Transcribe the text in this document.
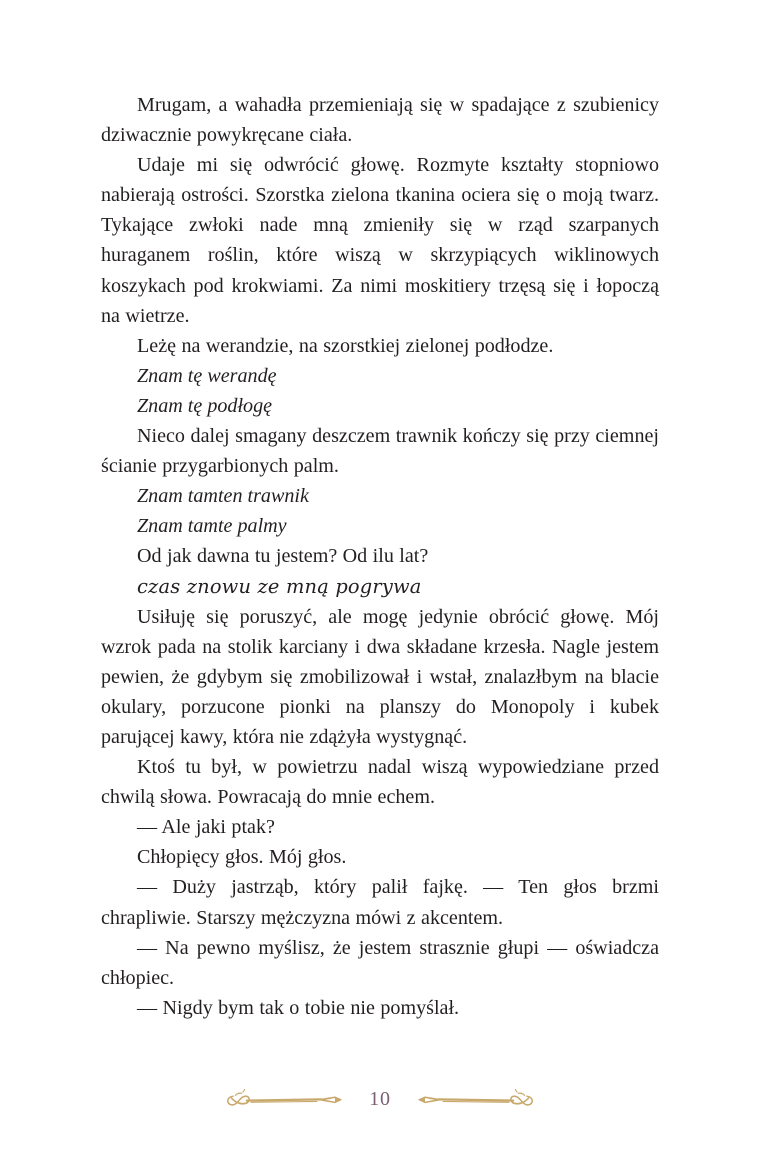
Mrugam, a wahadła przemieniają się w spadające z szubienicy dziwacznie powykręcane ciała.

Udaje mi się odwrócić głowę. Rozmyte kształty stopniowo nabierają ostrości. Szorstka zielona tkanina ociera się o moją twarz. Tykające zwłoki nade mną zmieniły się w rząd szarpanych huraganem roślin, które wiszą w skrzypiących wiklinowych koszykach pod krokwiami. Za nimi moskitiery trzęsą się i łopoczą na wietrze.

Leżę na werandzie, na szorstkiej zielonej podłodze.

Znam tę werandę

Znam tę podłogę

Nieco dalej smagany deszczem trawnik kończy się przy ciemnej ścianie przygarbionych palm.

Znam tamten trawnik

Znam tamte palmy

Od jak dawna tu jestem? Od ilu lat?

czas znowu ze mną pogrywa

Usiłuję się poruszyć, ale mogę jedynie obrócić głowę. Mój wzrok pada na stolik karciany i dwa składane krzesła. Nagle jestem pewien, że gdybym się zmobilizował i wstał, znalazłbym na blacie okulary, porzucone pionki na planszy do Monopoly i kubek parującej kawy, która nie zdążyła wystygnąć.

Ktoś tu był, w powietrzu nadal wiszą wypowiedziane przed chwilą słowa. Powracają do mnie echem.

— Ale jaki ptak?

Chłopięcy głos. Mój głos.

— Duży jastrząb, który palił fajkę. — Ten głos brzmi chrapliwie. Starszy mężczyzna mówi z akcentem.

— Na pewno myślisz, że jestem strasznie głupi — oświadcza chłopiec.

— Nigdy bym tak o tobie nie pomyślał.

10
